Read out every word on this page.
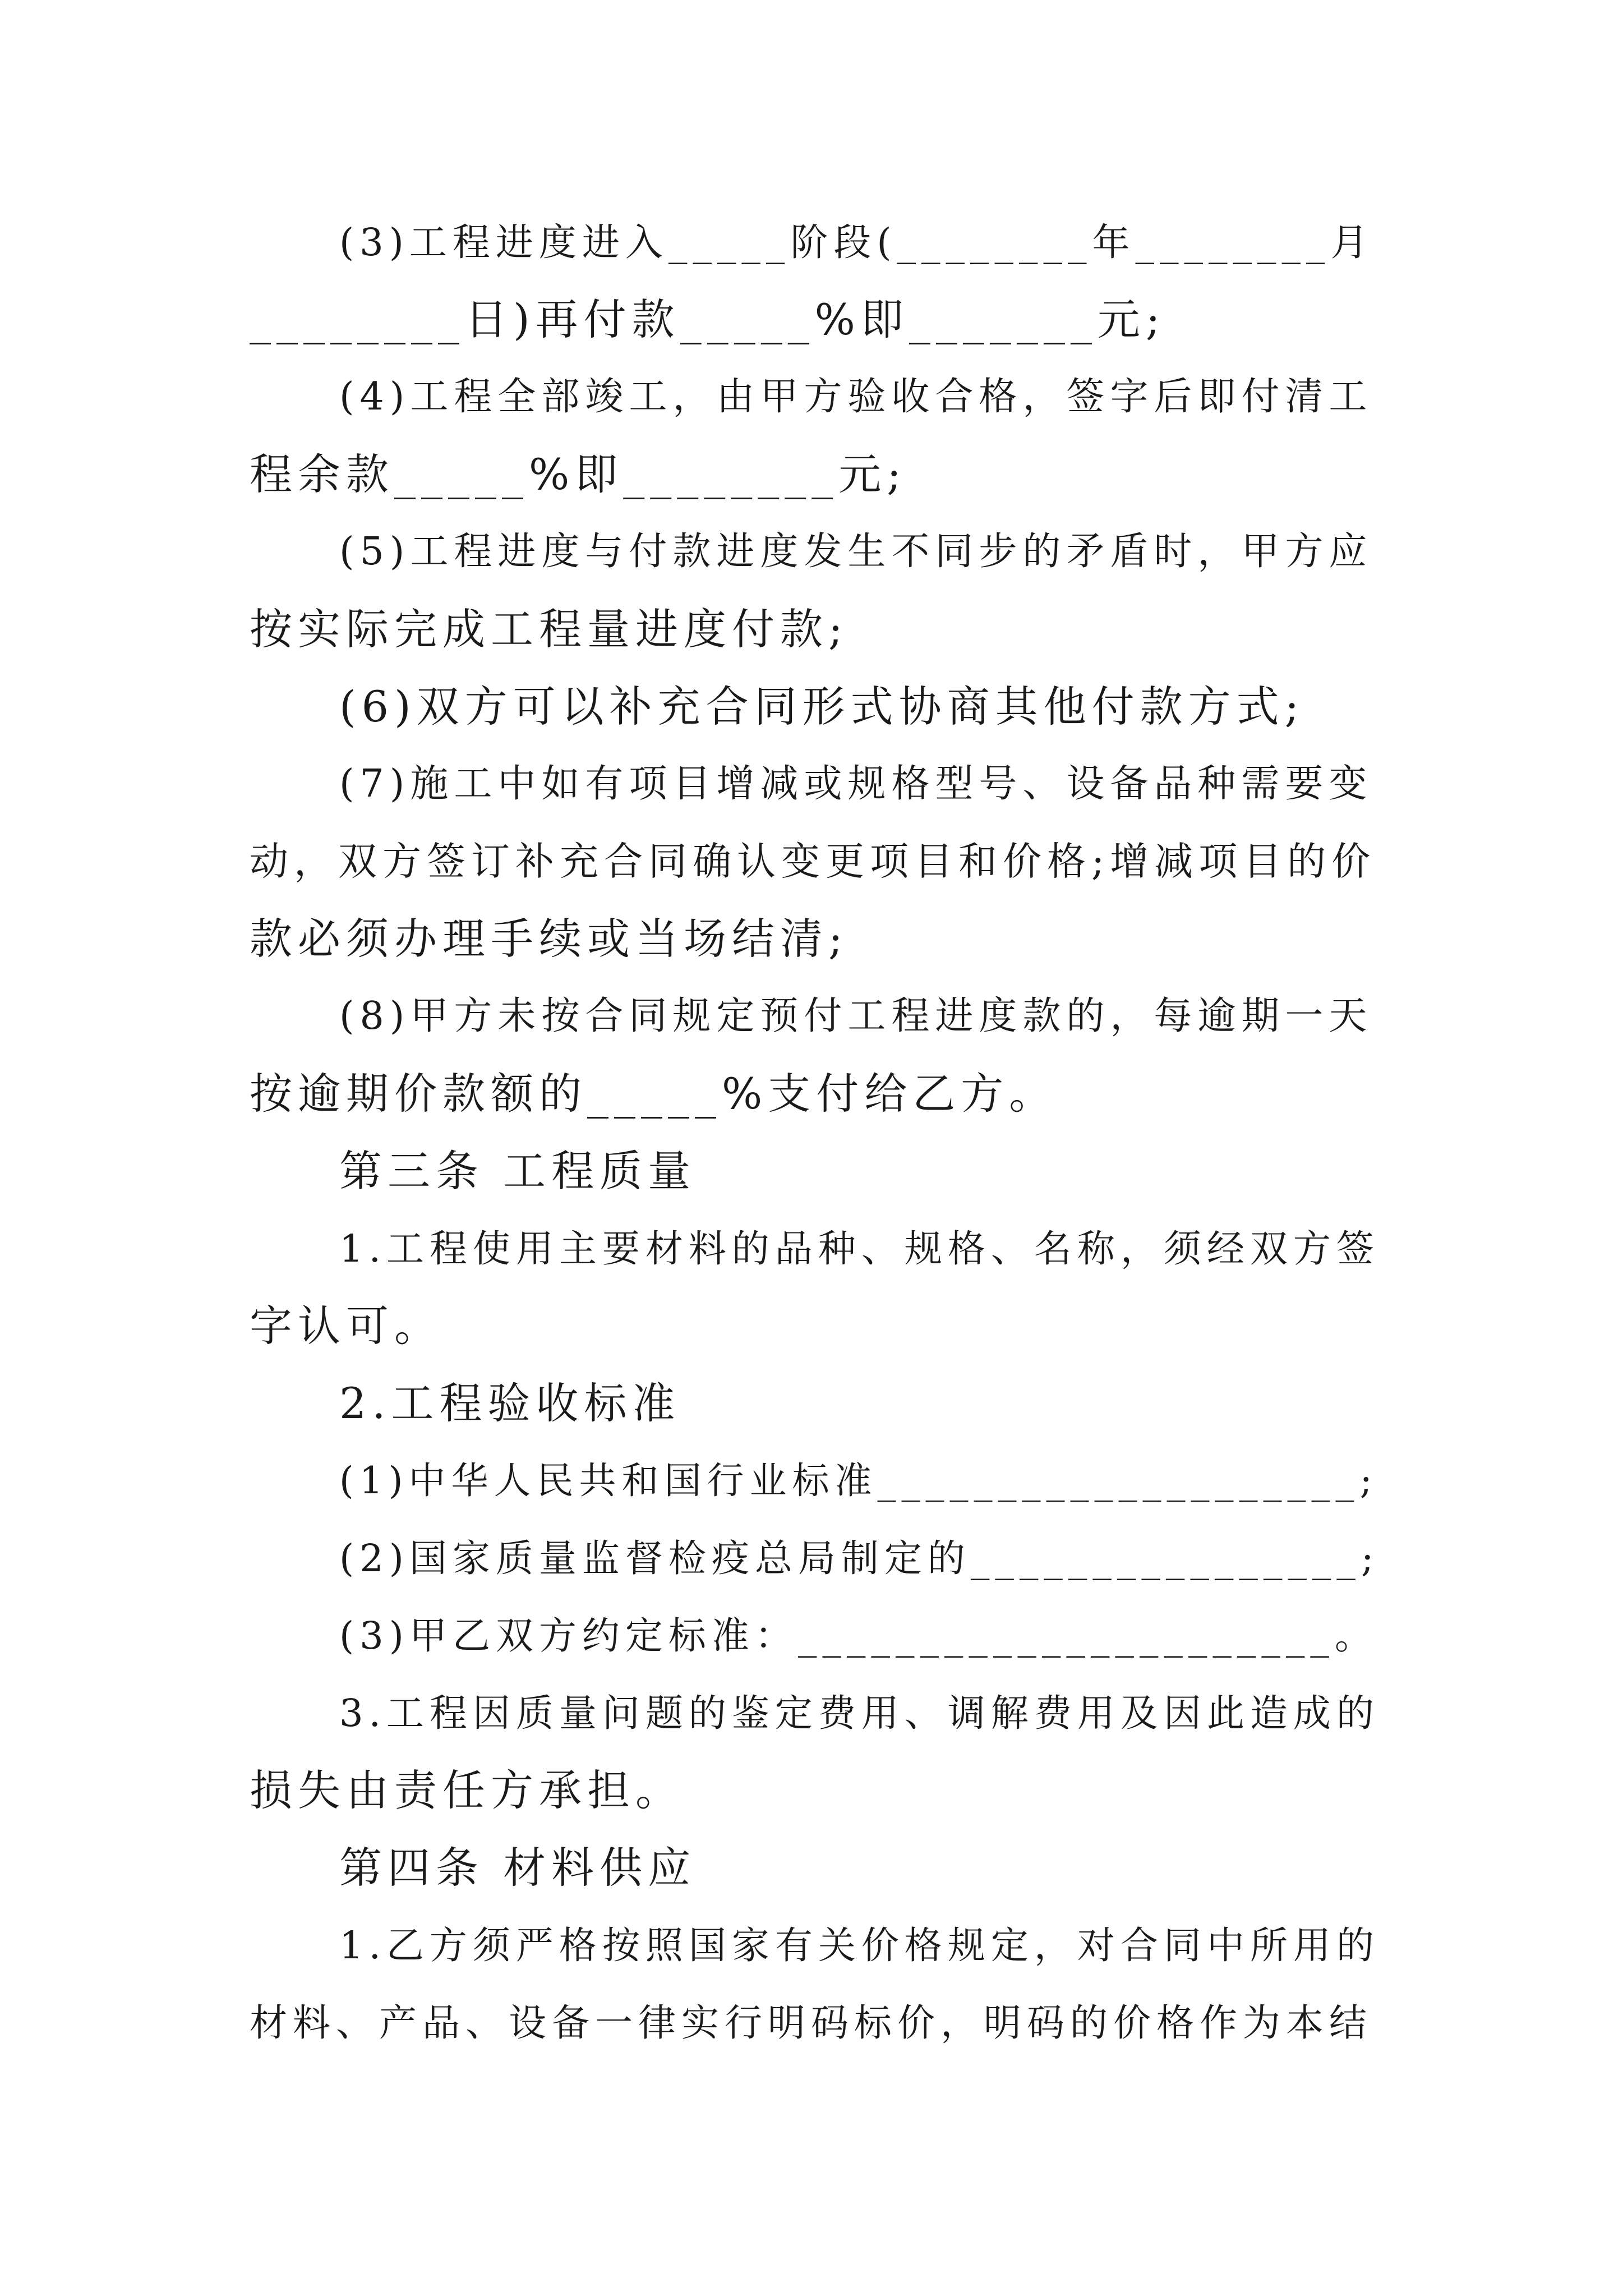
(3)工程进度进入_____阶段(________年________月
________日)再付款_____%即_______元;
(4)工程全部竣工，由甲方验收合格，签字后即付清工
程余款_____%即________元;
(5)工程进度与付款进度发生不同步的矛盾时，甲方应
按实际完成工程量进度付款;
(6)双方可以补充合同形式协商其他付款方式;
(7)施工中如有项目增减或规格型号、设备品种需要变
动，双方签订补充合同确认变更项目和价格;增减项目的价
款必须办理手续或当场结清;
(8)甲方未按合同规定预付工程进度款的，每逾期一天
按逾期价款额的_____%支付给乙方。
第三条 工程质量
1.工程使用主要材料的品种、规格、名称，须经双方签
字认可。
2.工程验收标准
(1)中华人民共和国行业标准____________________;
(2)国家质量监督检疫总局制定的________________;
(3)甲乙双方约定标准：______________________。
3.工程因质量问题的鉴定费用、调解费用及因此造成的
损失由责任方承担。
第四条 材料供应
1.乙方须严格按照国家有关价格规定，对合同中所用的
材料、产品、设备一律实行明码标价，明码的价格作为本结
